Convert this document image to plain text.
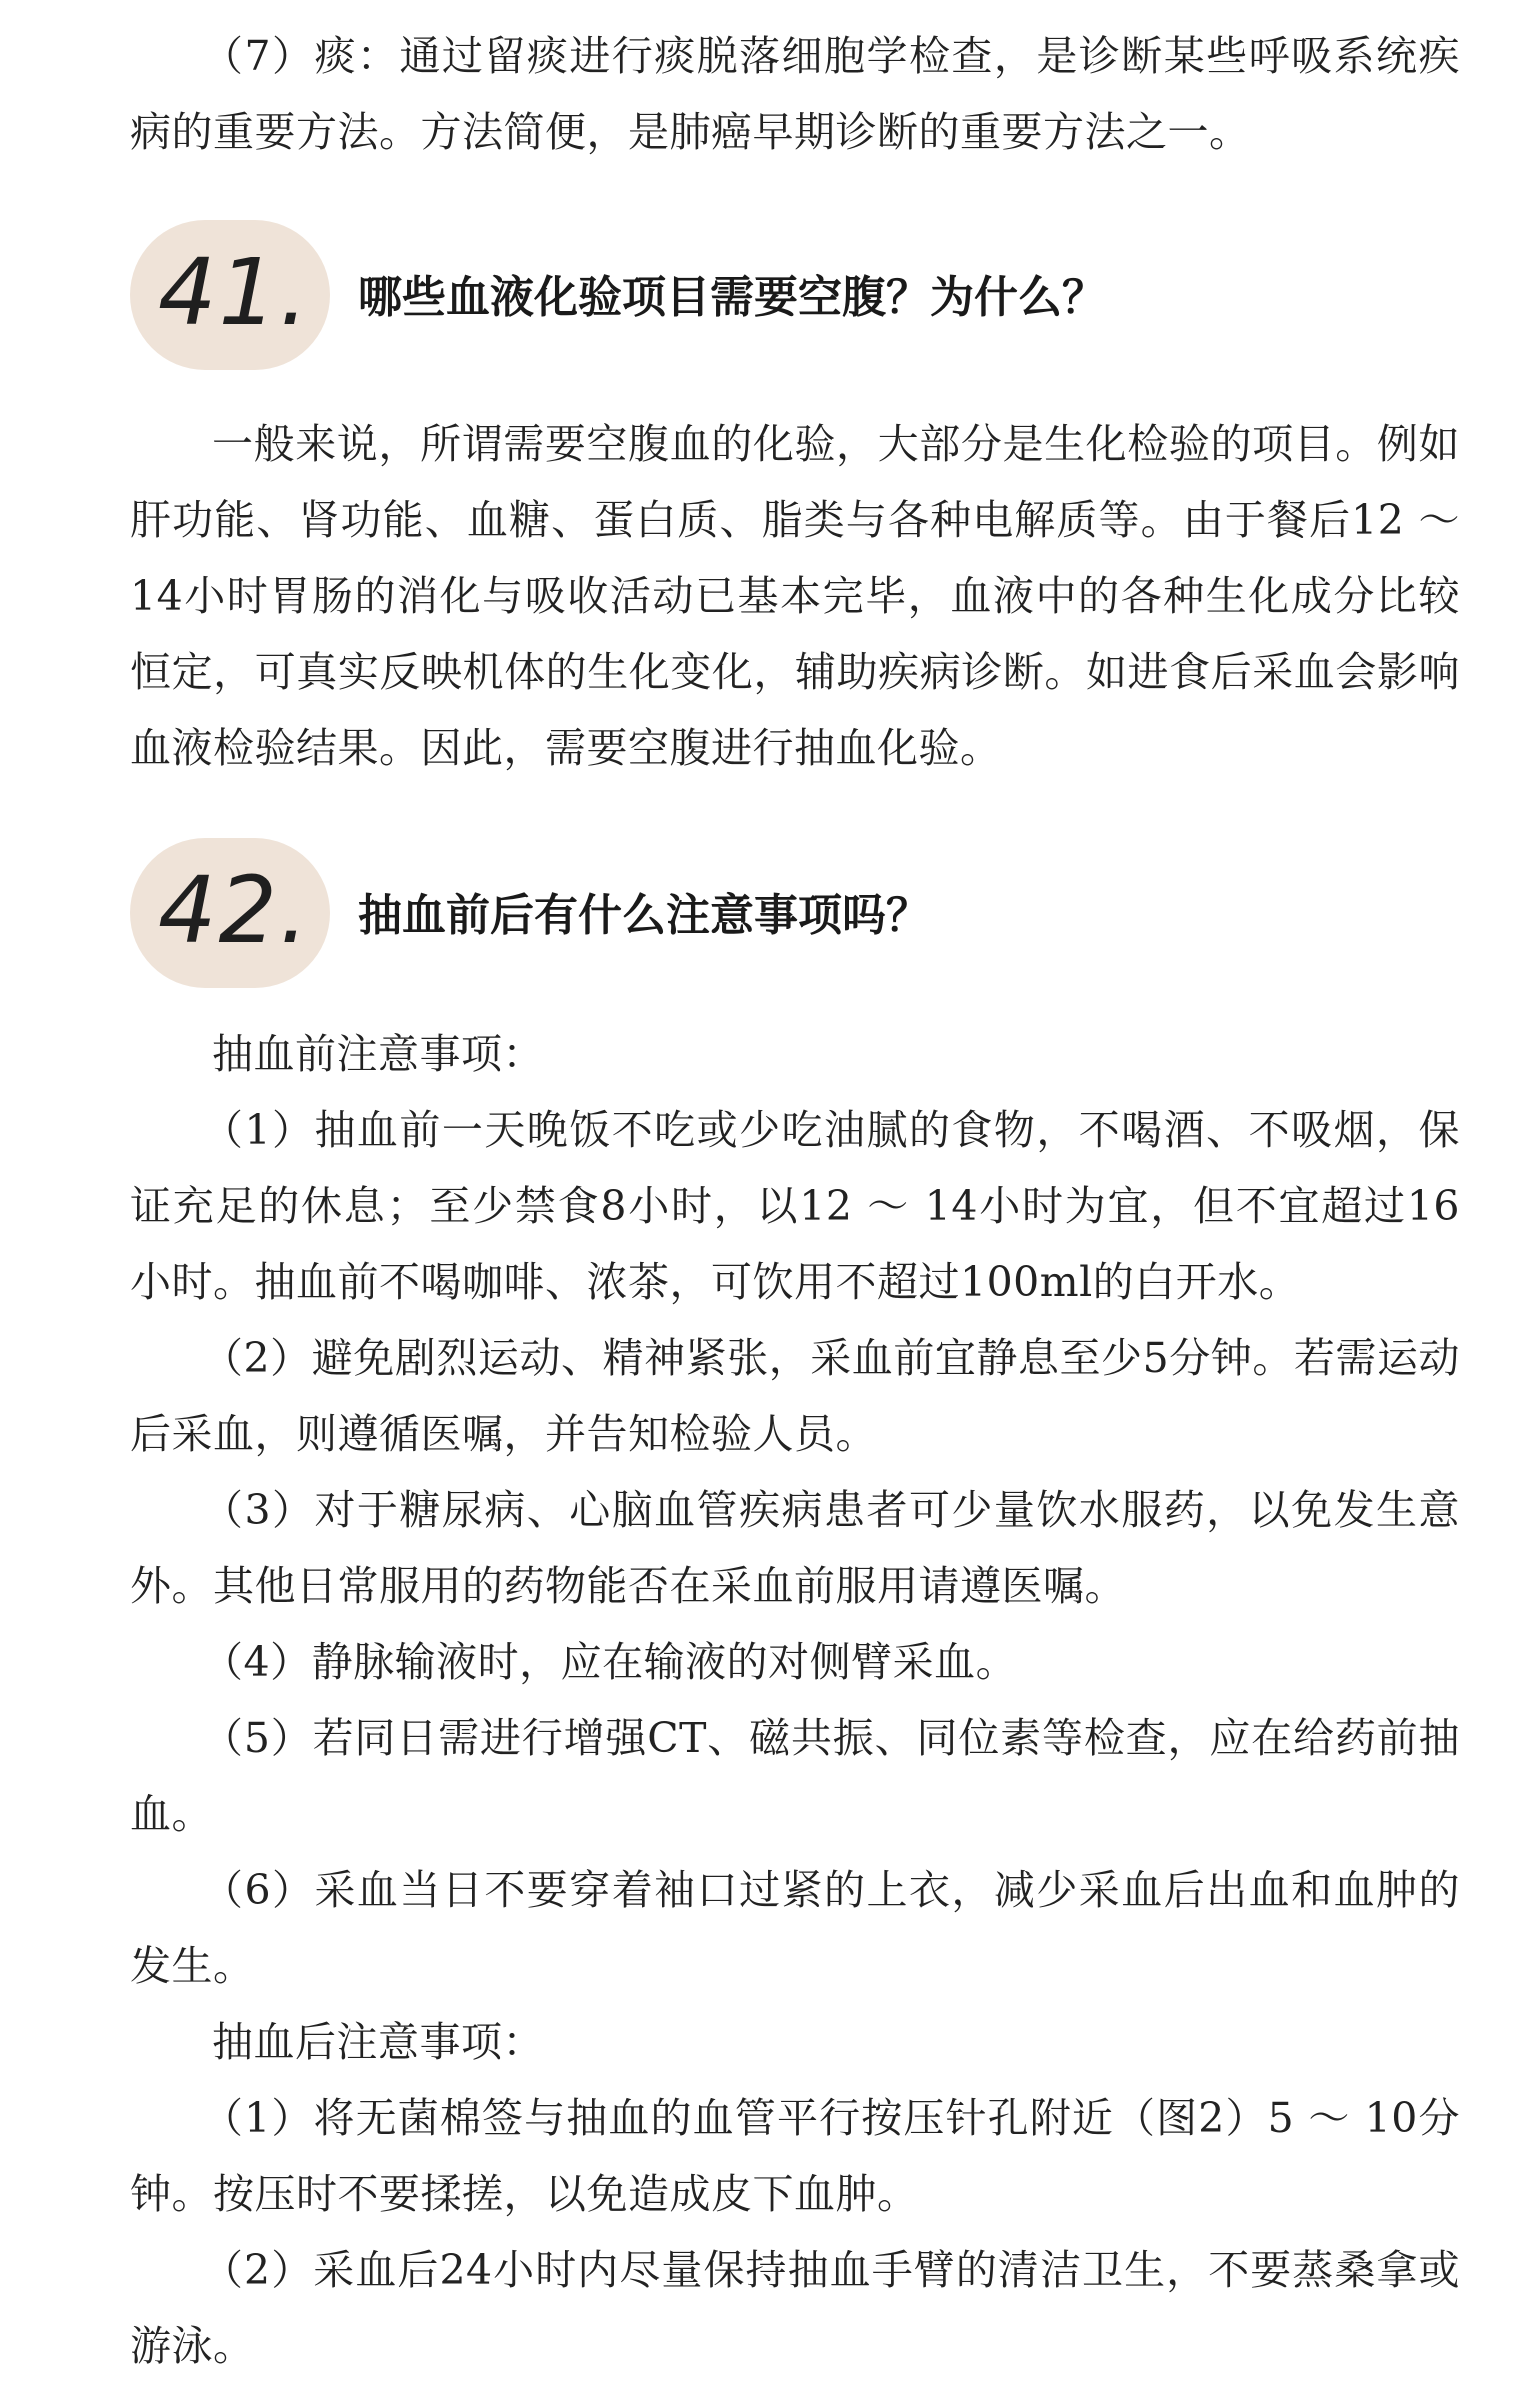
（7）痰：通过留痰进行痰脱落细胞学检查，是诊断某些呼吸系统疾病的重要方法。方法简便，是肺癌早期诊断的重要方法之一。

41. 哪些血液化验项目需要空腹？为什么？

一般来说，所谓需要空腹血的化验，大部分是生化检验的项目。例如肝功能、肾功能、血糖、蛋白质、脂类与各种电解质等。由于餐后12 ～ 14小时胃肠的消化与吸收活动已基本完毕，血液中的各种生化成分比较恒定，可真实反映机体的生化变化，辅助疾病诊断。如进食后采血会影响血液检验结果。因此，需要空腹进行抽血化验。

42. 抽血前后有什么注意事项吗？

抽血前注意事项：

（1）抽血前一天晚饭不吃或少吃油腻的食物，不喝酒、不吸烟，保证充足的休息；至少禁食8小时，以12 ～ 14小时为宜，但不宜超过16小时。抽血前不喝咖啡、浓茶，可饮用不超过100ml的白开水。

（2）避免剧烈运动、精神紧张，采血前宜静息至少5分钟。若需运动后采血，则遵循医嘱，并告知检验人员。

（3）对于糖尿病、心脑血管疾病患者可少量饮水服药，以免发生意外。其他日常服用的药物能否在采血前服用请遵医嘱。

（4）静脉输液时，应在输液的对侧臂采血。

（5）若同日需进行增强CT、磁共振、同位素等检查，应在给药前抽血。

（6）采血当日不要穿着袖口过紧的上衣，减少采血后出血和血肿的发生。

抽血后注意事项：

（1）将无菌棉签与抽血的血管平行按压针孔附近（图2）5 ～ 10分钟。按压时不要揉搓，以免造成皮下血肿。

（2）采血后24小时内尽量保持抽血手臂的清洁卫生，不要蒸桑拿或游泳。
